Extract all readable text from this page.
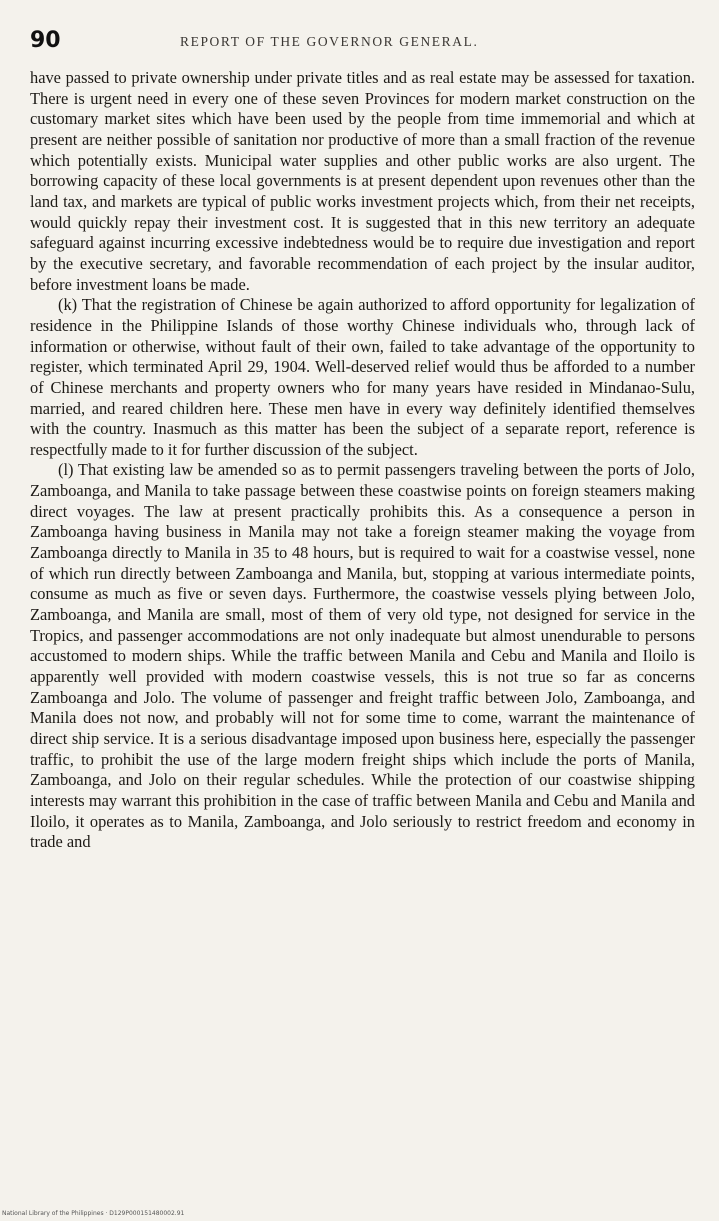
90	REPORT OF THE GOVERNOR GENERAL.

have passed to private ownership under private titles and as real estate may be assessed for taxation. There is urgent need in every one of these seven Provinces for modern market construction on the customary market sites which have been used by the people from time immemorial and which at present are neither possible of sanitation nor productive of more than a small fraction of the revenue which potentially exists. Municipal water supplies and other public works are also urgent. The borrowing capacity of these local governments is at present dependent upon revenues other than the land tax, and markets are typical of public works investment projects which, from their net receipts, would quickly repay their investment cost. It is suggested that in this new territory an adequate safeguard against incurring excessive indebtedness would be to require due investigation and report by the executive secretary, and favorable recommendation of each project by the insular auditor, before investment loans be made.

(k) That the registration of Chinese be again authorized to afford opportunity for legalization of residence in the Philippine Islands of those worthy Chinese individuals who, through lack of information or otherwise, without fault of their own, failed to take advantage of the opportunity to register, which terminated April 29, 1904. Well-deserved relief would thus be afforded to a number of Chinese merchants and property owners who for many years have resided in Mindanao-Sulu, married, and reared children here. These men have in every way definitely identified themselves with the country. Inasmuch as this matter has been the subject of a separate report, reference is respectfully made to it for further discussion of the subject.

(l) That existing law be amended so as to permit passengers traveling between the ports of Jolo, Zamboanga, and Manila to take passage between these coastwise points on foreign steamers making direct voyages. The law at present practically prohibits this. As a consequence a person in Zamboanga having business in Manila may not take a foreign steamer making the voyage from Zamboanga directly to Manila in 35 to 48 hours, but is required to wait for a coastwise vessel, none of which run directly between Zamboanga and Manila, but, stopping at various intermediate points, consume as much as five or seven days. Furthermore, the coastwise vessels plying between Jolo, Zamboanga, and Manila are small, most of them of very old type, not designed for service in the Tropics, and passenger accommodations are not only inadequate but almost unendurable to persons accustomed to modern ships. While the traffic between Manila and Cebu and Manila and Iloilo is apparently well provided with modern coastwise vessels, this is not true so far as concerns Zamboanga and Jolo. The volume of passenger and freight traffic between Jolo, Zamboanga, and Manila does not now, and probably will not for some time to come, warrant the maintenance of direct ship service. It is a serious disadvantage imposed upon business here, especially the passenger traffic, to prohibit the use of the large modern freight ships which include the ports of Manila, Zamboanga, and Jolo on their regular schedules. While the protection of our coastwise shipping interests may warrant this prohibition in the case of traffic between Manila and Cebu and Manila and Iloilo, it operates as to Manila, Zamboanga, and Jolo seriously to restrict freedom and economy in trade and

National Library of the Philippines · D129P000151480002.91
